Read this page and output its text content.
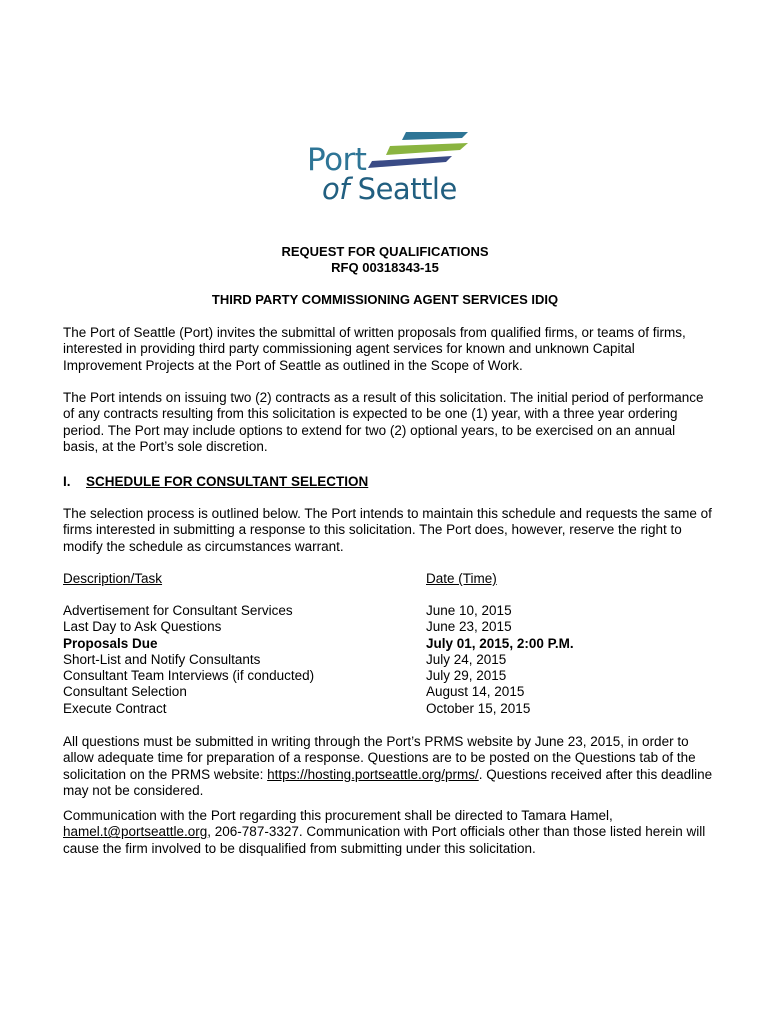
Port
of Seattle
REQUEST FOR QUALIFICATIONS
RFQ 00318343-15
THIRD PARTY COMMISSIONING AGENT SERVICES IDIQ

The Port of Seattle (Port) invites the submittal of written proposals from qualified firms, or teams of firms, interested in providing third party commissioning agent services for known and unknown Capital Improvement Projects at the Port of Seattle as outlined in the Scope of Work.

The Port intends on issuing two (2) contracts as a result of this solicitation. The initial period of performance of any contracts resulting from this solicitation is expected to be one (1) year, with a three year ordering period. The Port may include options to extend for two (2) optional years, to be exercised on an annual basis, at the Port’s sole discretion.

I. SCHEDULE FOR CONSULTANT SELECTION

The selection process is outlined below. The Port intends to maintain this schedule and requests the same of firms interested in submitting a response to this solicitation. The Port does, however, reserve the right to modify the schedule as circumstances warrant.

Description/Task	Date (Time)
Advertisement for Consultant Services
Last Day to Ask Questions
Proposals Due
Short-List and Notify Consultants
Consultant Team Interviews (if conducted)
Consultant Selection
Execute Contract
June 10, 2015
June 23, 2015
July 01, 2015, 2:00 P.M.
July 24, 2015
July 29, 2015
August 14, 2015
October 15, 2015

All questions must be submitted in writing through the Port’s PRMS website by June 23, 2015, in order to allow adequate time for preparation of a response. Questions are to be posted on the Questions tab of the solicitation on the PRMS website: https://hosting.portseattle.org/prms/. Questions received after this deadline may not be considered.

Communication with the Port regarding this procurement shall be directed to Tamara Hamel, hamel.t@portseattle.org, 206-787-3327. Communication with Port officials other than those listed herein will cause the firm involved to be disqualified from submitting under this solicitation.
